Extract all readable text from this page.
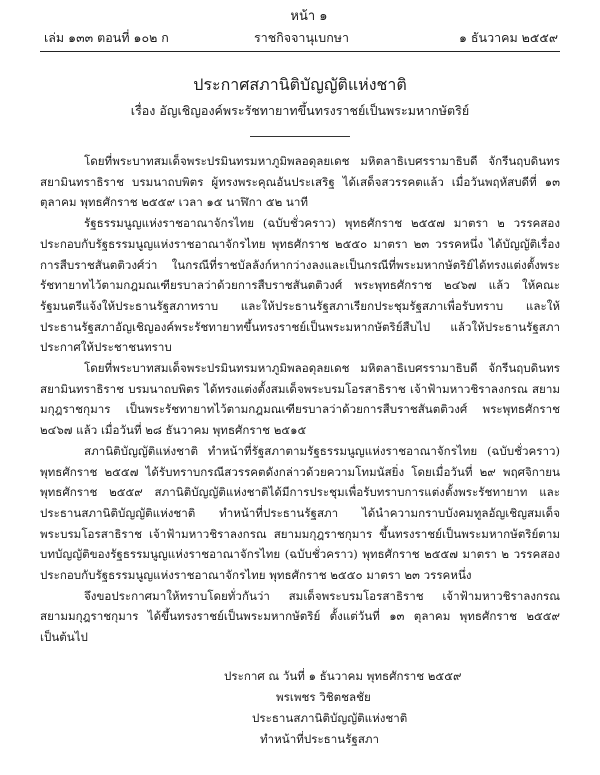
หน้า ๑
เล่ม ๑๓๓ ตอนที่ ๑๐๒ ก	ราชกิจจานุเบกษา	๑ ธันวาคม ๒๕๕๙
ประกาศสภานิติบัญญัติแห่งชาติ
เรื่อง อัญเชิญองค์พระรัชทายาทขึ้นทรงราชย์เป็นพระมหากษัตริย์

โดยที่พระบาทสมเด็จพระปรมินทรมหาภูมิพลอดุลยเดช มหิตลาธิเบศรรามาธิบดี จักรีนฤบดินทร สยามินทราธิราช บรมนาถบพิตร ผู้ทรงพระคุณอันประเสริฐ ได้เสด็จสวรรคตแล้ว เมื่อวันพฤหัสบดีที่ ๑๓ ตุลาคม พุทธศักราช ๒๕๕๙ เวลา ๑๕ นาฬิกา ๕๒ นาที

รัฐธรรมนูญแห่งราชอาณาจักรไทย (ฉบับชั่วคราว) พุทธศักราช ๒๕๕๗ มาตรา ๒ วรรคสอง ประกอบกับรัฐธรรมนูญแห่งราชอาณาจักรไทย พุทธศักราช ๒๕๕๐ มาตรา ๒๓ วรรคหนึ่ง ได้บัญญัติเรื่องการสืบราชสันตติวงศ์ว่า ในกรณีที่ราชบัลลังก์หากว่างลงและเป็นกรณีที่พระมหากษัตริย์ได้ทรงแต่งตั้งพระรัชทายาทไว้ตามกฎมณเฑียรบาลว่าด้วยการสืบราชสันตติวงศ์ พระพุทธศักราช ๒๔๖๗ แล้ว ให้คณะรัฐมนตรีแจ้งให้ประธานรัฐสภาทราบ และให้ประธานรัฐสภาเรียกประชุมรัฐสภาเพื่อรับทราบ และให้ประธานรัฐสภาอัญเชิญองค์พระรัชทายาทขึ้นทรงราชย์เป็นพระมหากษัตริย์สืบไป แล้วให้ประธานรัฐสภาประกาศให้ประชาชนทราบ

โดยที่พระบาทสมเด็จพระปรมินทรมหาภูมิพลอดุลยเดช มหิตลาธิเบศรรามาธิบดี จักรีนฤบดินทร สยามินทราธิราช บรมนาถบพิตร ได้ทรงแต่งตั้งสมเด็จพระบรมโอรสาธิราช เจ้าฟ้ามหาวชิราลงกรณ สยามมกุฎราชกุมาร เป็นพระรัชทายาทไว้ตามกฎมณเฑียรบาลว่าด้วยการสืบราชสันตติวงศ์ พระพุทธศักราช ๒๔๖๗ แล้ว เมื่อวันที่ ๒๘ ธันวาคม พุทธศักราช ๒๕๑๕

สภานิติบัญญัติแห่งชาติ ทำหน้าที่รัฐสภาตามรัฐธรรมนูญแห่งราชอาณาจักรไทย (ฉบับชั่วคราว) พุทธศักราช ๒๕๕๗ ได้รับทราบกรณีสวรรคตดังกล่าวด้วยความโทมนัสยิ่ง โดยเมื่อวันที่ ๒๙ พฤศจิกายน พุทธศักราช ๒๕๕๙ สภานิติบัญญัติแห่งชาติได้มีการประชุมเพื่อรับทราบการแต่งตั้งพระรัชทายาท และประธานสภานิติบัญญัติแห่งชาติ ทำหน้าที่ประธานรัฐสภา ได้นำความกราบบังคมทูลอัญเชิญสมเด็จพระบรมโอรสาธิราช เจ้าฟ้ามหาวชิราลงกรณ สยามมกุฎราชกุมาร ขึ้นทรงราชย์เป็นพระมหากษัตริย์ตามบทบัญญัติของรัฐธรรมนูญแห่งราชอาณาจักรไทย (ฉบับชั่วคราว) พุทธศักราช ๒๕๕๗ มาตรา ๒ วรรคสอง ประกอบกับรัฐธรรมนูญแห่งราชอาณาจักรไทย พุทธศักราช ๒๕๕๐ มาตรา ๒๓ วรรคหนึ่ง

จึงขอประกาศมาให้ทราบโดยทั่วกันว่า สมเด็จพระบรมโอรสาธิราช เจ้าฟ้ามหาวชิราลงกรณ สยามมกุฎราชกุมาร ได้ขึ้นทรงราชย์เป็นพระมหากษัตริย์ ตั้งแต่วันที่ ๑๓ ตุลาคม พุทธศักราช ๒๕๕๙ เป็นต้นไป

ประกาศ ณ วันที่ ๑ ธันวาคม พุทธศักราช ๒๕๕๙
พรเพชร วิชิตชลชัย
ประธานสภานิติบัญญัติแห่งชาติ
ทำหน้าที่ประธานรัฐสภา
